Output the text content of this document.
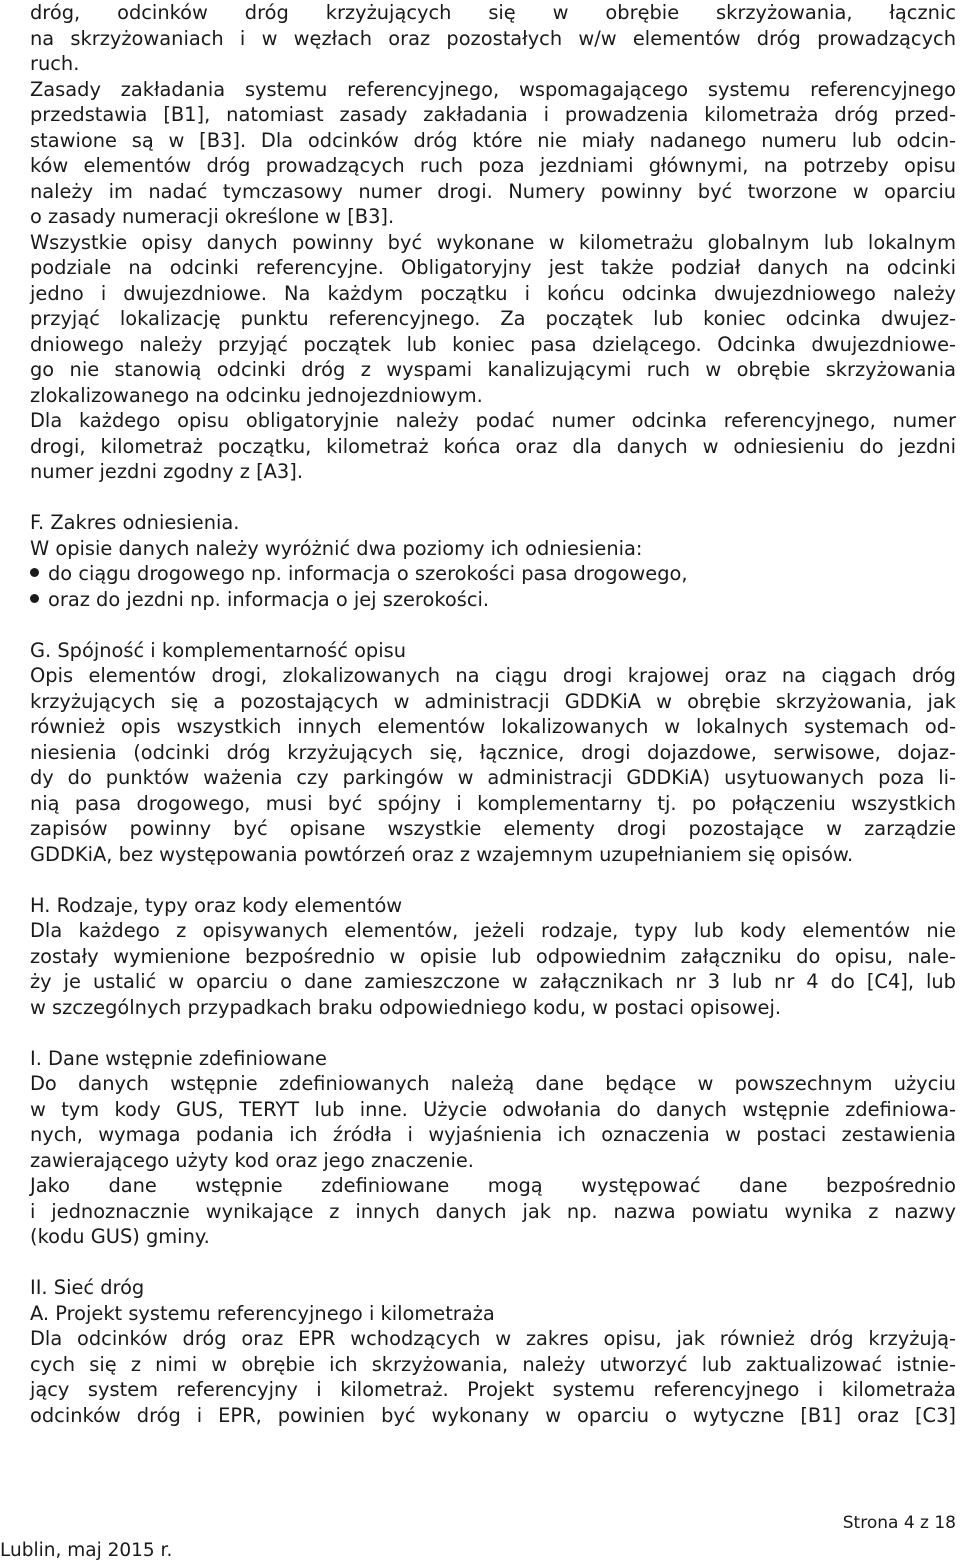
dróg, odcinków dróg krzyżujących się w obrębie skrzyżowania, łącznic

na skrzyżowaniach i w węzłach oraz pozostałych w/w elementów dróg prowadzących

ruch.

Zasady zakładania systemu referencyjnego, wspomagającego systemu referencyjnego

przedstawia [B1], natomiast zasady zakładania i prowadzenia kilometraża dróg przed-

stawione są w [B3]. Dla odcinków dróg które nie miały nadanego numeru lub odcin-

ków elementów dróg prowadzących ruch poza jezdniami głównymi, na potrzeby opisu

należy im nadać tymczasowy numer drogi. Numery powinny być tworzone w oparciu

o zasady numeracji określone w [B3].

Wszystkie opisy danych powinny być wykonane w kilometrażu globalnym lub lokalnym

podziale na odcinki referencyjne. Obligatoryjny jest także podział danych na odcinki

jedno i dwujezdniowe. Na każdym początku i końcu odcinka dwujezdniowego należy

przyjąć lokalizację punktu referencyjnego. Za początek lub koniec odcinka dwujez-

dniowego należy przyjąć początek lub koniec pasa dzielącego. Odcinka dwujezdniowe-

go nie stanowią odcinki dróg z wyspami kanalizującymi ruch w obrębie skrzyżowania

zlokalizowanego na odcinku jednojezdniowym.

Dla każdego opisu obligatoryjnie należy podać numer odcinka referencyjnego, numer

drogi, kilometraż początku, kilometraż końca oraz dla danych w odniesieniu do jezdni

numer jezdni zgodny z [A3].

F. Zakres odniesienia.

W opisie danych należy wyróżnić dwa poziomy ich odniesienia:

do ciągu drogowego np. informacja o szerokości pasa drogowego,

oraz do jezdni np. informacja o jej szerokości.

G. Spójność i komplementarność opisu

Opis elementów drogi, zlokalizowanych na ciągu drogi krajowej oraz na ciągach dróg

krzyżujących się a pozostających w administracji GDDKiA w obrębie skrzyżowania, jak

również opis wszystkich innych elementów lokalizowanych w lokalnych systemach od-

niesienia (odcinki dróg krzyżujących się, łącznice, drogi dojazdowe, serwisowe, dojaz-

dy do punktów ważenia czy parkingów w administracji GDDKiA) usytuowanych poza li-

nią pasa drogowego, musi być spójny i komplementarny tj. po połączeniu wszystkich

zapisów powinny być opisane wszystkie elementy drogi pozostające w zarządzie

GDDKiA, bez występowania powtórzeń oraz z wzajemnym uzupełnianiem się opisów.

H. Rodzaje, typy oraz kody elementów

Dla każdego z opisywanych elementów, jeżeli rodzaje, typy lub kody elementów nie

zostały wymienione bezpośrednio w opisie lub odpowiednim załączniku do opisu, nale-

ży je ustalić w oparciu o dane zamieszczone w załącznikach nr 3 lub nr 4 do [C4], lub

w szczególnych przypadkach braku odpowiedniego kodu, w postaci opisowej.

I. Dane wstępnie zdefiniowane

Do danych wstępnie zdefiniowanych należą dane będące w powszechnym użyciu

w tym kody GUS, TERYT lub inne. Użycie odwołania do danych wstępnie zdefiniowa-

nych, wymaga podania ich źródła i wyjaśnienia ich oznaczenia w postaci zestawienia

zawierającego użyty kod oraz jego znaczenie.

Jako dane wstępnie zdefiniowane mogą występować dane bezpośrednio

i jednoznacznie wynikające z innych danych jak np. nazwa powiatu wynika z nazwy

(kodu GUS) gminy.

II. Sieć dróg

A. Projekt systemu referencyjnego i kilometraża

Dla odcinków dróg oraz EPR wchodzących w zakres opisu, jak również dróg krzyżują-

cych się z nimi w obrębie ich skrzyżowania, należy utworzyć lub zaktualizować istnie-

jący system referencyjny i kilometraż. Projekt systemu referencyjnego i kilometraża

odcinków dróg i EPR, powinien być wykonany w oparciu o wytyczne [B1] oraz [C3]

Strona 4 z 18
Lublin, maj 2015 r.
